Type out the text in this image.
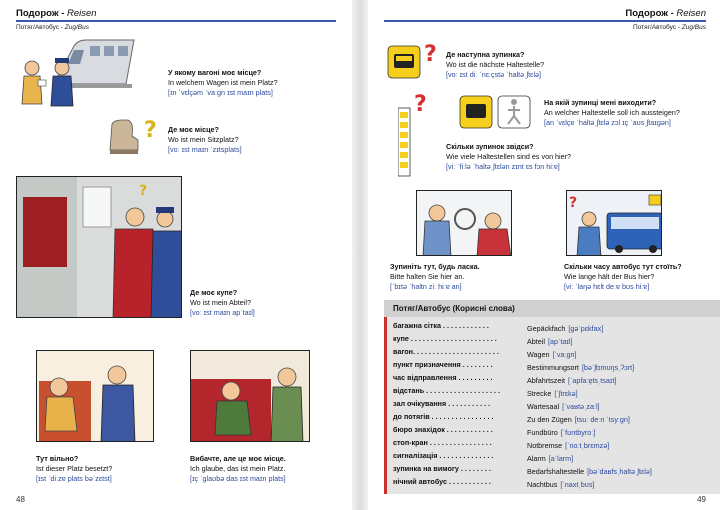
Подорож - Reisen
Потяг/Автобус - Zug/Bus
У якому вагоні моє місце?
In welchem Wagen ist mein Platz?
[ɪn ˈvɛlçəm ˈvaːgn ɪst maɪn plats]
? Де моє місце?
Wo ist mein Sitzplatz?
[voː ɪst maɪn ˈzɪtsplats]
?
Де моє купе?
Wo ist mein Abteil?
[voː ɪst maɪn apˈtaɪl]
Тут вільно?
Ist dieser Platz besetzt?
[ɪst ˈdiːzɐ plats bəˈzɛtst]
Вибачте, але це моє місце.
Ich glaube, das ist mein Platz.
[ɪç ˈglaʊbə das ɪst maɪn plats]
48
Подорож - Reisen
Потяг/Автобус - Zug/Bus
? Де наступна зупинка?
Wo ist die nächste Haltestelle?
[voː ɪst diː ˈnɛːçstə ˈhaltəˌʃtɛlə]
?	На якій зупинці мені виходити?
An welcher Haltestelle soll ich aussteigen?
[an ˈvɛlçɐ ˈhaltəˌʃtɛlə zɔl ɪç ˈaʊsˌʃtaɪgən]
Скільки зупинок звідси?
Wie viele Haltestellen sind es von hier?
[viː ˈfiːlə ˈhaltəˌʃtɛlən zɪnt ɛs fɔn hiːɐ]
Зупиніть тут, будь ласка.
Bitte halten Sie hier an.
[ˈbɪtə ˈhaltn ziː hiːɐ an]
?
Скільки часу автобус тут стоїть?
Wie lange hält der Bus hier?
[viː ˈlaŋə hɛlt deːɐ bʊs hiːɐ]
Потяг/Автобус (Корисні слова)
багажна сітка . . . . . . . . . . . .	Gepäckfach [gəˈpɛkfax]
купе . . . . . . . . . . . . . . . . . . . . . .	Abteil [apˈtaɪl]
вагон. . . . . . . . . . . . . . . . . . . . . .	Wagen [ˈvaːgn]
пункт призначення . . . . . . . .	Bestimmungsort [bəˈʃtɪmʊŋsˌʔɔrt]
час відправлення . . . . . . . . .	Abfahrtszeit [ˈapfaːɐ̯tsˌtsaɪt]
відстань . . . . . . . . . . . . . . . . . . .	Strecke [ˈʃtrɛkə]
зал очікування . . . . . . . . . . .	Wartesaal [ˈvaʁtəˌzaːl]
до потягів . . . . . . . . . . . . . . . .	Zu den Zügen [tsuː deːn ˈtsyːgn]
бюро знахідок . . . . . . . . . . . .	Fundbüro [ˈfʊntbyroː]
стоп-кран . . . . . . . . . . . . . . . .	Notbremse [ˈnoːtˌbrɛmzə]
сигналізація . . . . . . . . . . . . . .	Alarm [aˈlarm]
зупинка на вимогу . . . . . . . .	Bedarfshaltestelle [bəˈdaʁfsˌhaltəˌʃtɛlə]
нічний автобус . . . . . . . . . . .	Nachtbus [ˈnaxtˌbʊs]
49
